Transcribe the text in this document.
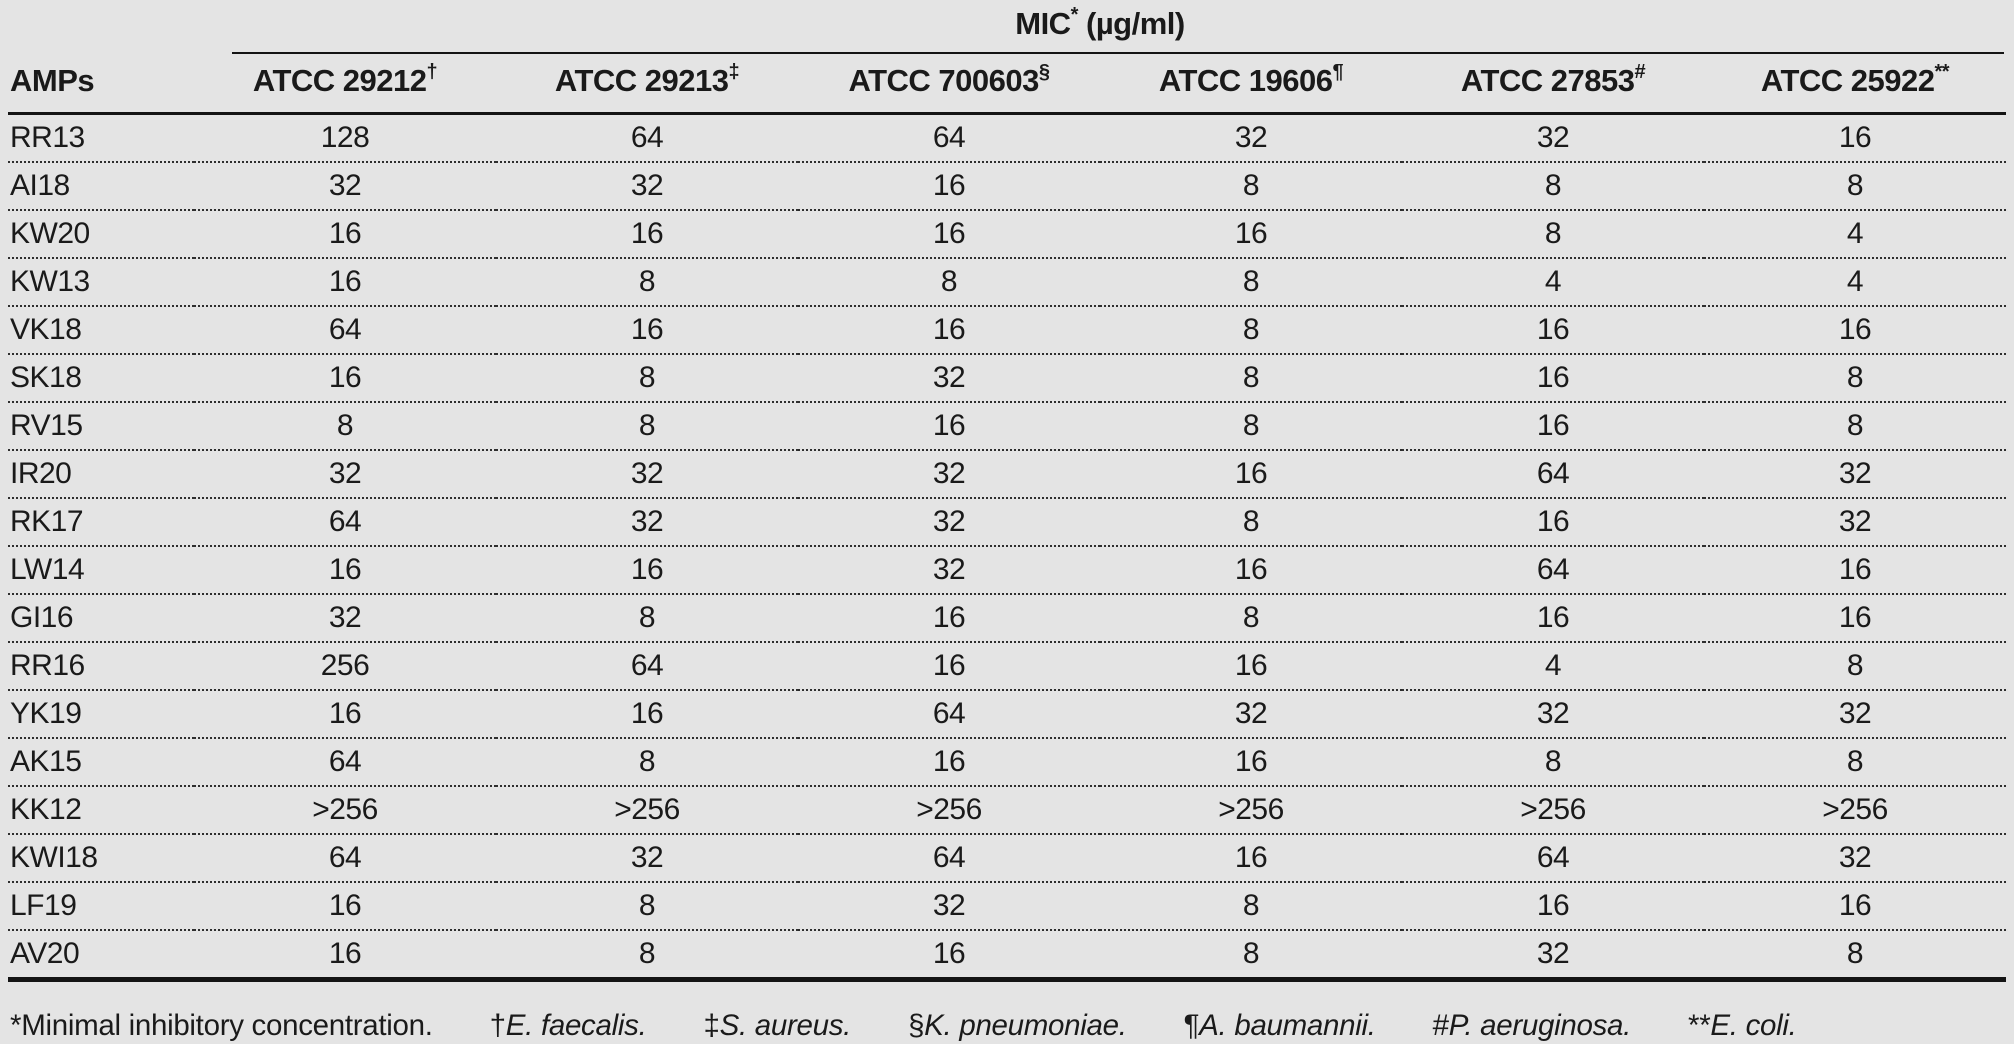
	MIC* (µg/ml)					
AMPs	ATCC 29212†	ATCC 29213‡	ATCC 700603§	ATCC 19606¶	ATCC 27853#	ATCC 25922**
RR13	128	64	64	32	32	16
AI18	32	32	16	8	8	8
KW20	16	16	16	16	8	4
KW13	16	8	8	8	4	4
VK18	64	16	16	8	16	16
SK18	16	8	32	8	16	8
RV15	8	8	16	8	16	8
IR20	32	32	32	16	64	32
RK17	64	32	32	8	16	32
LW14	16	16	32	16	64	16
GI16	32	8	16	8	16	16
RR16	256	64	16	16	4	8
YK19	16	16	64	32	32	32
AK15	64	8	16	16	8	8
KK12	>256	>256	>256	>256	>256	>256
KWI18	64	32	64	16	64	32
LF19	16	8	32	8	16	16
AV20	16	8	16	8	32	8
*Minimal inhibitory concentration. †E. faecalis. ‡S. aureus. §K. pneumoniae. ¶A. baumannii. #P. aeruginosa. **E. coli.
